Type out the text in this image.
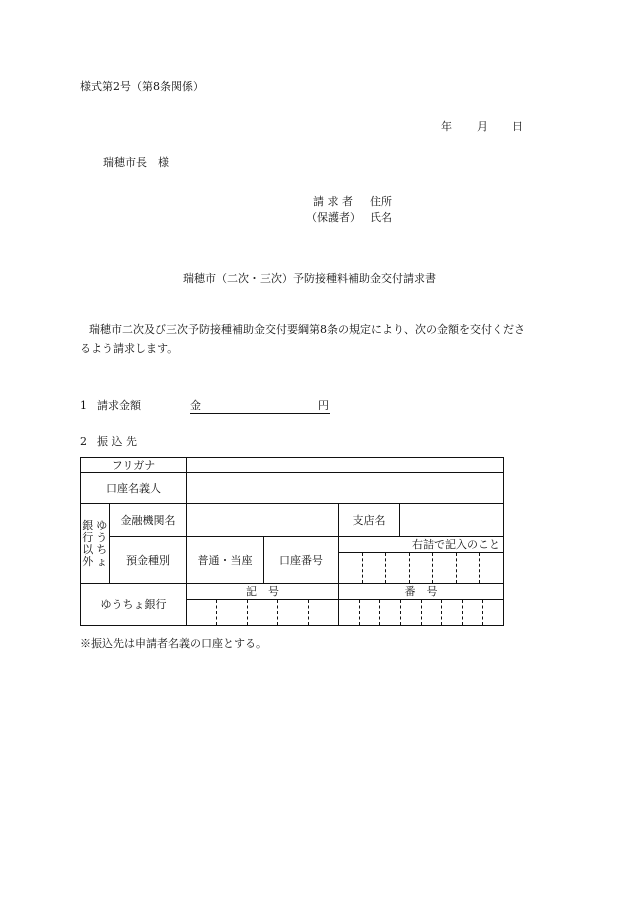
様式第2号（第8条関係）
年 月 日
瑞穂市長　様
請 求 者 住所
（保護者） 氏名
瑞穂市（二次・三次）予防接種料補助金交付請求書
瑞穂市二次及び三次予防接種補助金交付要綱第8条の規定により、次の金額を交付くださ
るよう請求します。
1 請求金額	金	円
2 振 込 先
フリガナ						
口座名義人						
銀
行
以
外	ゆ
う
ち
ょ	金融機関名			支店名	
		預金種別	普通・当座	口座番号	右詰で記入のこと	

ゆうちょ銀行			記　号		番　号	
※振込先は申請者名義の口座とする。
